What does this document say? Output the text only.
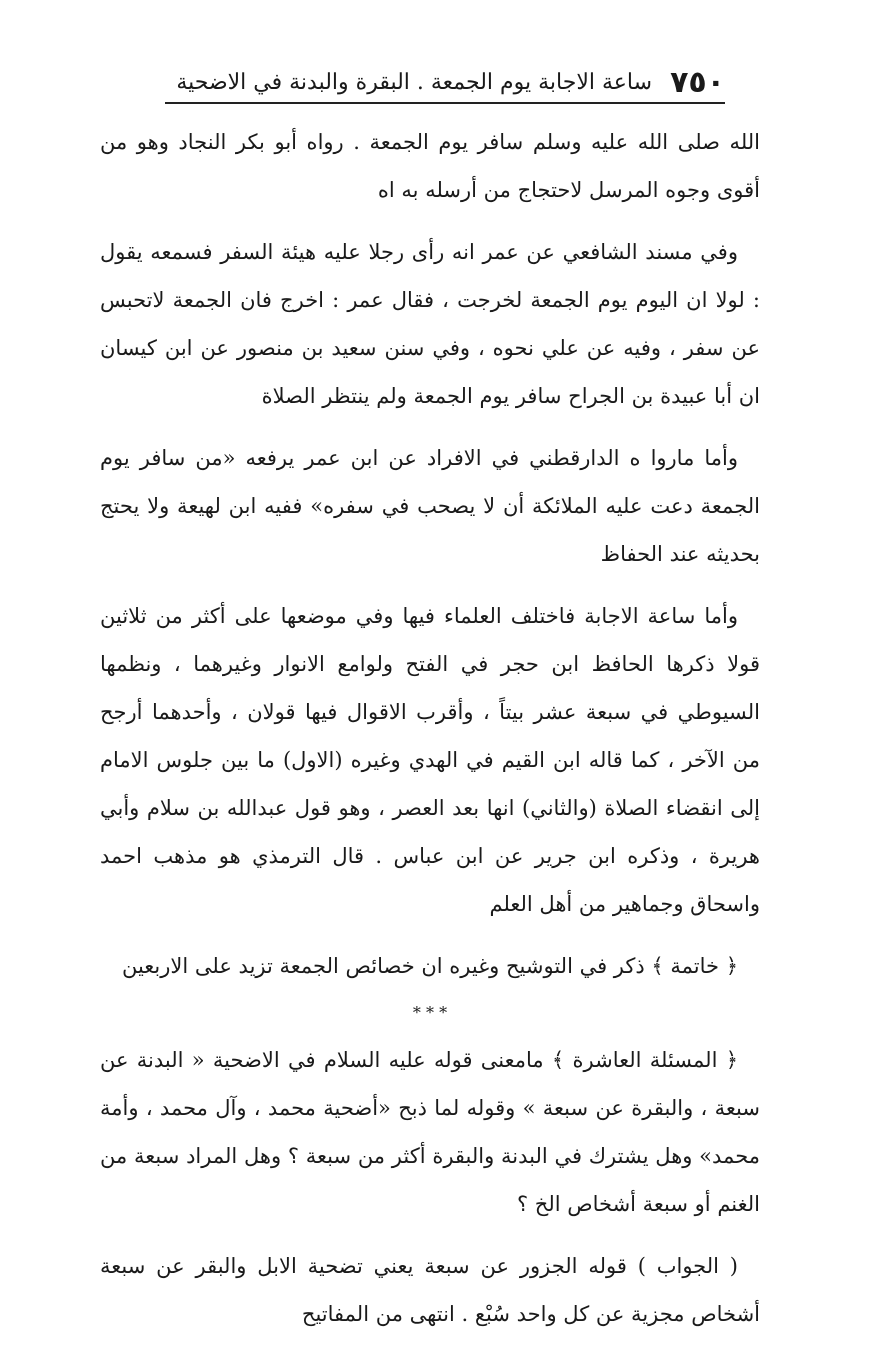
٧٥٠
ساعة الاجابة يوم الجمعة . البقرة والبدنة في الاضحية

الله صلى الله عليه وسلم سافر يوم الجمعة . رواه أبو بكر النجاد وهو من أقوى وجوه المرسل لاحتجاج من أرسله به اه

وفي مسند الشافعي عن عمر انه رأى رجلا عليه هيئة السفر فسمعه يقول : لولا ان اليوم يوم الجمعة لخرجت ، فقال عمر : اخرج فان الجمعة لاتحبس عن سفر ، وفيه عن علي نحوه ، وفي سنن سعيد بن منصور عن ابن كيسان ان أبا عبيدة بن الجراح سافر يوم الجمعة ولم ينتظر الصلاة

وأما ماروا ه الدارقطني في الافراد عن ابن عمر يرفعه «من سافر يوم الجمعة دعت عليه الملائكة أن لا يصحب في سفره» ففيه ابن لهيعة ولا يحتج بحديثه عند الحفاظ

وأما ساعة الاجابة فاختلف العلماء فيها وفي موضعها على أكثر من ثلاثين قولا ذكرها الحافظ ابن حجر في الفتح ولوامع الانوار وغيرهما ، ونظمها السيوطي في سبعة عشر بيتاً ، وأقرب الاقوال فيها قولان ، وأحدهما أرجح من الآخر ، كما قاله ابن القيم في الهدي وغيره (الاول) ما بين جلوس الامام إلى انقضاء الصلاة (والثاني) انها بعد العصر ، وهو قول عبدالله بن سلام وأبي هريرة ، وذكره ابن جرير عن ابن عباس . قال الترمذي هو مذهب احمد واسحاق وجماهير من أهل العلم

﴿ خاتمة ﴾ ذكر في التوشيح وغيره ان خصائص الجمعة تزيد على الاربعين

* * *

﴿ المسئلة العاشرة ﴾ مامعنى قوله عليه السلام في الاضحية « البدنة عن سبعة ، والبقرة عن سبعة » وقوله لما ذبح «أضحية محمد ، وآل محمد ، وأمة محمد» وهل يشترك في البدنة والبقرة أكثر من سبعة ؟ وهل المراد سبعة من الغنم أو سبعة أشخاص الخ ؟

( الجواب ) قوله الجزور عن سبعة يعني تضحية الابل والبقر عن سبعة أشخاص مجزية عن كل واحد سُبْع . انتهى من المفاتيح
